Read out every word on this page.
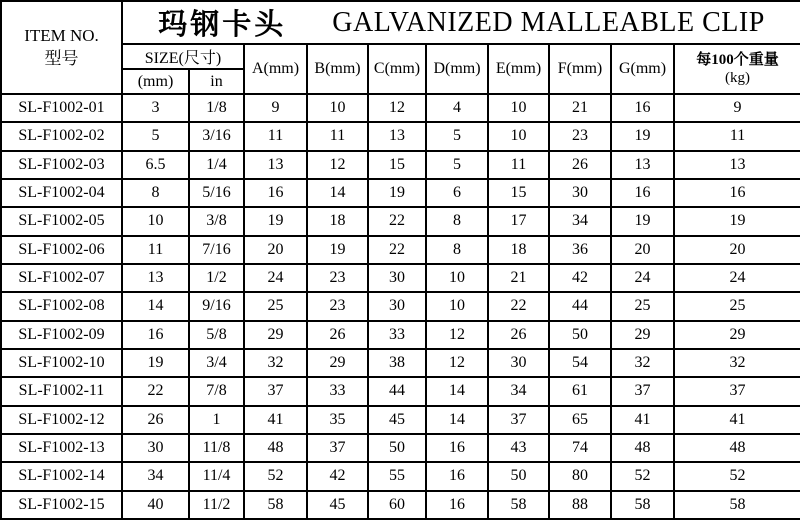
ITEM NO.
型号

玛钢卡头 GALVANIZED MALLEABLE CLIP

	SIZE(尺寸)		A(mm)	B(mm)	C(mm)	D(mm)	E(mm)	F(mm)	G(mm)	每100个重量
(kg)

	(mm)	in								
SL-F1002-01	3	1/8	9	10	12	4	10	21	16	9
SL-F1002-02	5	3/16	11	11	13	5	10	23	19	11
SL-F1002-03	6.5	1/4	13	12	15	5	11	26	13	13
SL-F1002-04	8	5/16	16	14	19	6	15	30	16	16
SL-F1002-05	10	3/8	19	18	22	8	17	34	19	19
SL-F1002-06	11	7/16	20	19	22	8	18	36	20	20
SL-F1002-07	13	1/2	24	23	30	10	21	42	24	24
SL-F1002-08	14	9/16	25	23	30	10	22	44	25	25
SL-F1002-09	16	5/8	29	26	33	12	26	50	29	29
SL-F1002-10	19	3/4	32	29	38	12	30	54	32	32
SL-F1002-11	22	7/8	37	33	44	14	34	61	37	37
SL-F1002-12	26	1	41	35	45	14	37	65	41	41
SL-F1002-13	30	11/8	48	37	50	16	43	74	48	48
SL-F1002-14	34	11/4	52	42	55	16	50	80	52	52
SL-F1002-15	40	11/2	58	45	60	16	58	88	58	58
